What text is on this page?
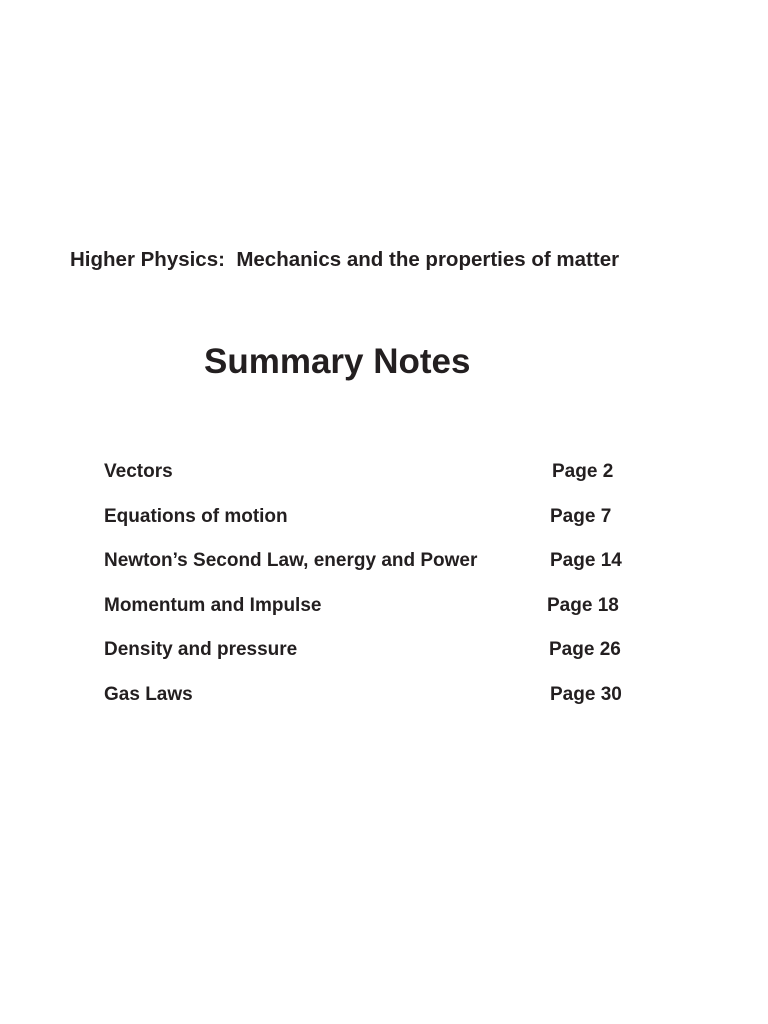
Higher Physics:  Mechanics and the properties of matter
Summary Notes
Vectors	Page 2
Equations of motion	Page 7
Newton’s Second Law, energy and Power	Page 14
Momentum and Impulse	Page 18
Density and pressure	Page 26
Gas Laws	Page 30
